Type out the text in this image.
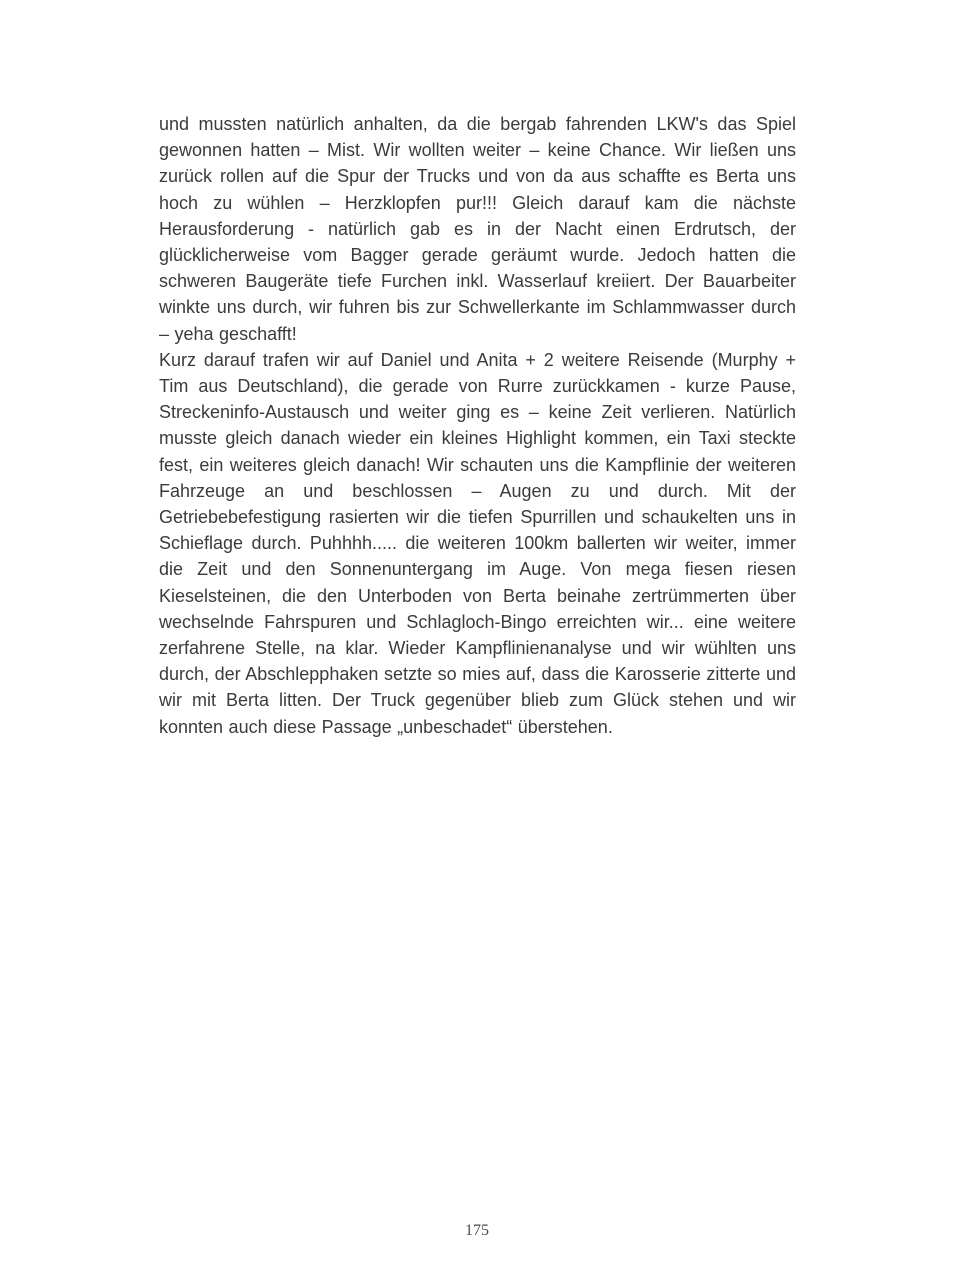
und mussten natürlich anhalten, da die bergab fahrenden LKW's das Spiel gewonnen hatten – Mist. Wir wollten weiter – keine Chance. Wir ließen uns zurück rollen auf die Spur der Trucks und von da aus schaffte es Berta uns hoch zu wühlen – Herzklopfen pur!!! Gleich darauf kam die nächste Herausforderung - natürlich gab es in der Nacht einen Erdrutsch, der glücklicherweise vom Bagger gerade geräumt wurde. Jedoch hatten die schweren Baugeräte tiefe Furchen inkl. Wasserlauf kreiiert. Der Bauarbeiter winkte uns durch, wir fuhren bis zur Schwellerkante im Schlammwasser durch – yeha geschafft!

Kurz darauf trafen wir auf Daniel und Anita + 2 weitere Reisende (Murphy + Tim aus Deutschland), die gerade von Rurre zurückkamen - kurze Pause, Streckeninfo-Austausch und weiter ging es – keine Zeit verlieren. Natürlich musste gleich danach wieder ein kleines Highlight kommen, ein Taxi steckte fest, ein weiteres gleich danach! Wir schauten uns die Kampflinie der weiteren Fahrzeuge an und beschlossen – Augen zu und durch. Mit der Getriebebefestigung rasierten wir die tiefen Spurrillen und schaukelten uns in Schieflage durch. Puhhhh..... die weiteren 100km ballerten wir weiter, immer die Zeit und den Sonnenuntergang im Auge. Von mega fiesen riesen Kieselsteinen, die den Unterboden von Berta beinahe zertrümmerten über wechselnde Fahrspuren und Schlagloch-Bingo erreichten wir... eine weitere zerfahrene Stelle, na klar. Wieder Kampflinienanalyse und wir wühlten uns durch, der Abschlepphaken setzte so mies auf, dass die Karosserie zitterte und wir mit Berta litten. Der Truck gegenüber blieb zum Glück stehen und wir konnten auch diese Passage „unbeschadet“ überstehen.

175
